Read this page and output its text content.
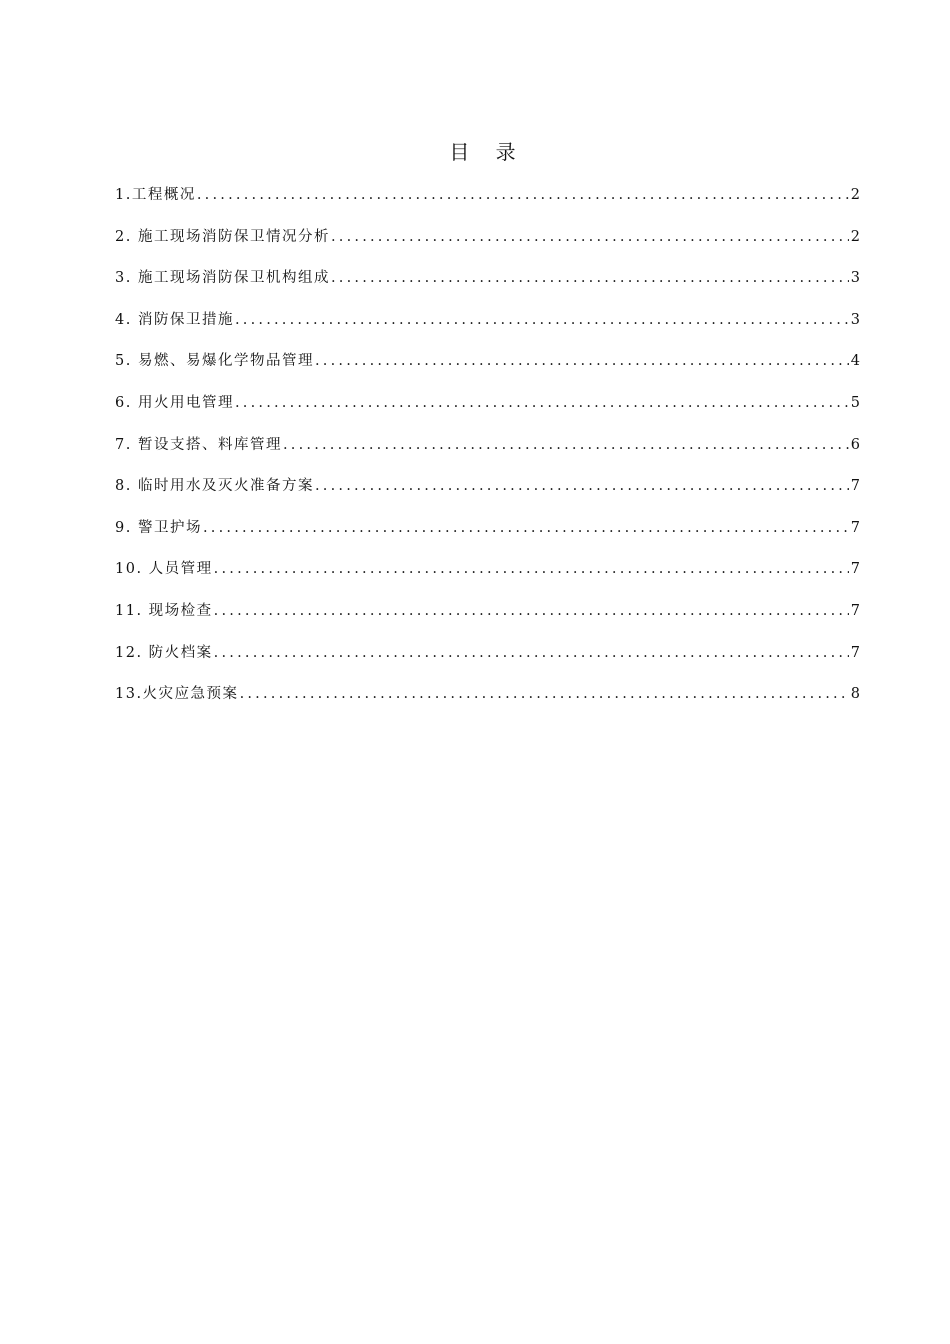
目 录
1.工程概况 .....	2
2. 施工现场消防保卫情况分析 .....	2
3. 施工现场消防保卫机构组成 .....	3
4. 消防保卫措施 .....	3
5. 易燃、易爆化学物品管理 .....	4
6. 用火用电管理 .....	5
7. 暂设支搭、料库管理 .....	6
8. 临时用水及灭火准备方案 .....	7
9. 警卫护场 .....	7
10. 人员管理 .....	7
11. 现场检查 .....	7
12. 防火档案 .....	7
13.火灾应急预案 .....	8
